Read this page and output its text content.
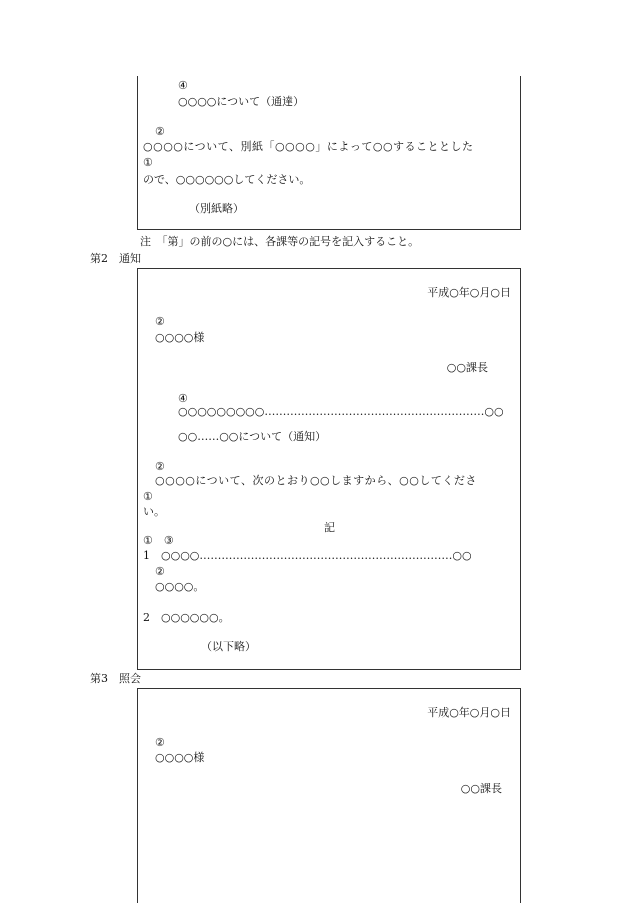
④
○○○○について（通達）
②
○○○○について、別紙「○○○○」によって○○することとした
①
ので、○○○○○○してください。
（別紙略）
注　「第」の前の○には、各課等の記号を記入すること。
第2　通知
平成○年○月○日
②
○○○○様
○○課長
④
○○○○○○○○○……………………………………………………○○
○○……○○について（通知）
②
○○○○について、次のとおり○○しますから、○○してくださ
①
い。
記
①　③
1　○○○○……………………………………………………………○○
②
○○○○。
2　○○○○○○。
（以下略）
第3　照会
平成○年○月○日
②
○○○○様
○○課長
